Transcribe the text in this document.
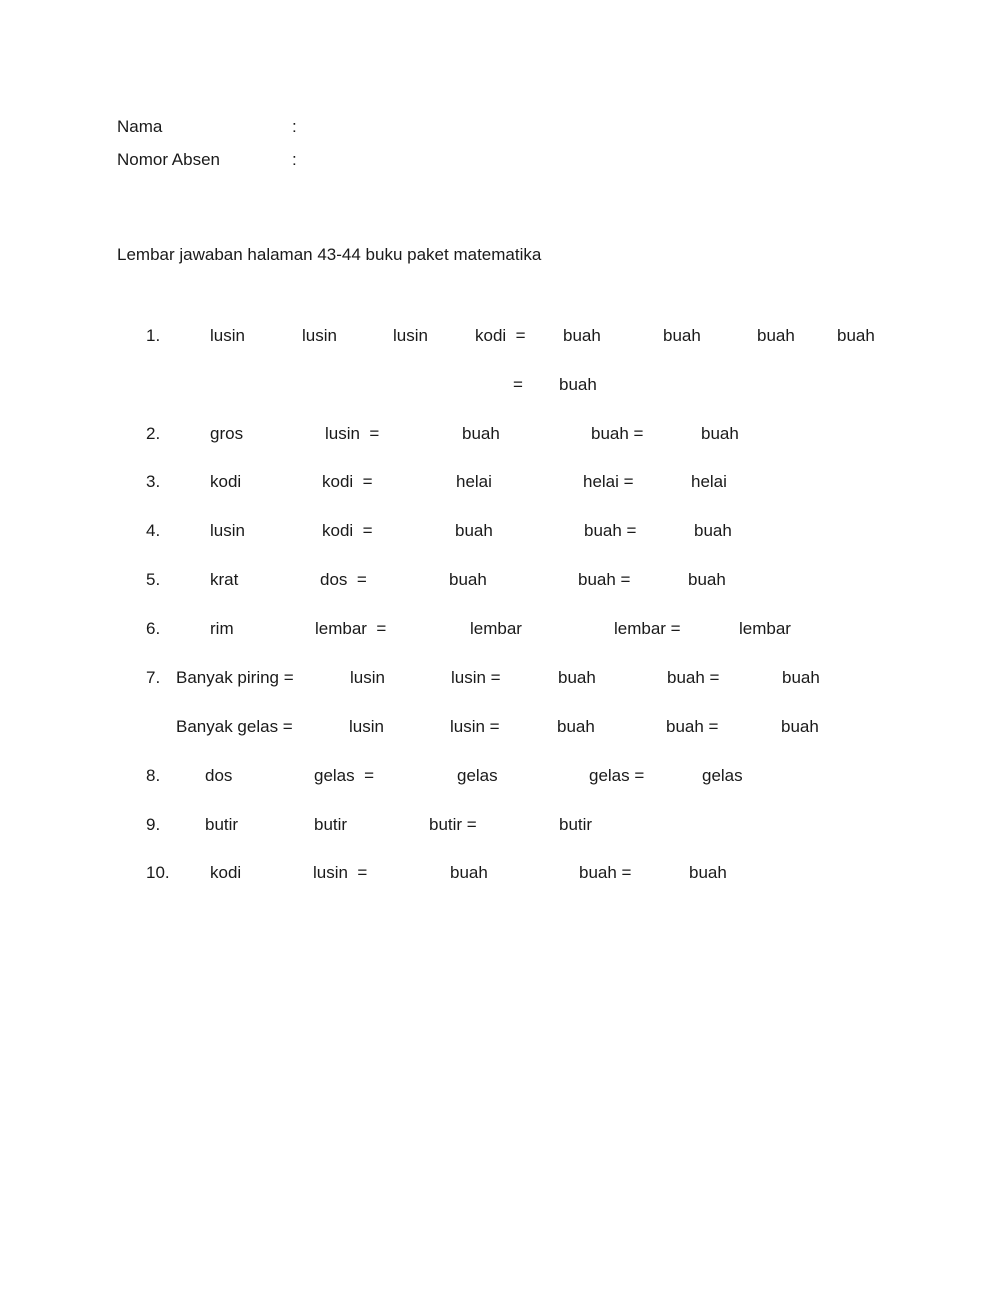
Nama	:
Nomor Absen	:
Lembar jawaban halaman 43-44 buku paket matematika
1.	lusin	lusin	lusin	kodi  = buah	buah	buah buah
= buah
2.	gros	lusin  =	buah	buah =	buah
3.	kodi	kodi  =	helai	helai =	helai
4.	lusin	kodi  =	buah	buah =	buah
5.	krat	dos  =	buah	buah =	buah
6.	rim	lembar  =	lembar	lembar =	lembar
7. Banyak piring =	lusin	lusin =	buah	buah =	buah
Banyak gelas =	lusin	lusin =	buah	buah =	buah
8.	dos	gelas  =	gelas	gelas =	gelas
9.	butir	butir	butir =	butir
10. kodi	lusin  =	buah	buah =	buah
